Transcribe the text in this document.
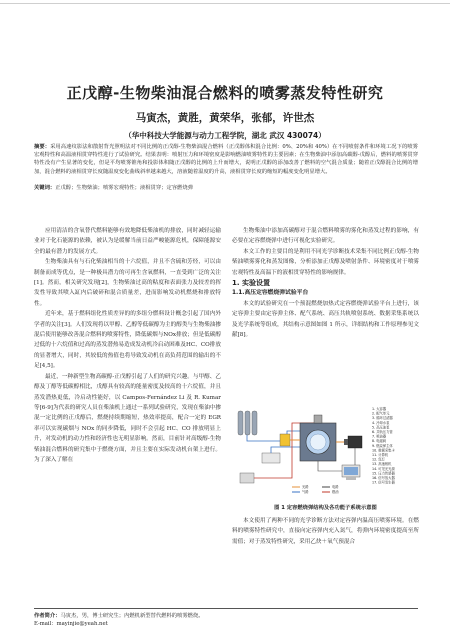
正戊醇-生物柴油混合燃料的喷雾蒸发特性研究
马寅杰，黄胜，黄荣华，张郁，许世杰
（华中科技大学能源与动力工程学院，湖北 武汉 430074）
摘要：采用高速纹影法和散射背光照明法对不同比例的正戊醇-生物柴油混合燃料（正戊醇体积混合比例：0%、20%和 40%）在不同喷射条件和环境工况下的喷雾宏观特性和高温液相贯穿特性进行了试验研究。结果表明：喷射压力和环境密度是影响燃油喷雾特性的主要因素；在生物柴油中添加高碳醇-戊醇后，燃料的喷雾贯穿特性没有产生显著的变化，但是平均喷雾锥角和投影体积随正戊醇的比例的上升而增大，说明正戊醇的添加改善了燃料的空气混合质量；随着正戊醇混合比例的增加，混合燃料的液相贯穿长度随温度变化曲线斜率越来越大，溶液随着温度的升高，液相贯穿长度的缩短的幅度变化明显增大。
关键词：正戊醇；生物柴油；喷雾宏观特性；液相贯穿；定容燃烧弹

应用清洁的含氧替代燃料能够有效地降低柴油机的排放，同时减轻运输业对于化石能源的依赖，被认为是缓解当前日益严峻能源危机，保障能源安全的最有潜力的发展方式。

生物柴油具有与石化柴油相当的十六烷值，并且不含硫和芳烃，可以由制备而成等优点，是一种极具潜力的可再生含氧燃料，一直受到广泛的关注[1]。然而，相关研究发现[2]，生物柴油过高的粘度和表面张力及较差的挥发性导致其喷入缸内后破碎和混合质量差，进而影响发动机燃烧和排放特性。

近年来，基于燃料组化性质差异的的多组分燃料设计概念引起了国内外学者的关注[3]。人们发现将以甲醇、乙醇等低碳醇为主的醇类与生物柴油掺混后使用能够改善混合燃料的喷雾特性，降低碳烟与NOx排放；但是低碳醇过低的十六烷值和过高的蒸发潜热易造成发动机冷启动困难及HC、CO排放的显著增大，同时，其较低的热值也将导致发动机在高负荷范围的输出的不足[4,5]。

最近，一种新型生物高碳醇-正戊醇引起了人们的研究兴趣。与甲醇、乙醇及丁醇等低碳醇相比，戊醇具有较高的能量密度及较高的十六烷值，并且蒸发潜热更低，冷启动性能好，以 Campos-Fernández Li 及 R. Kumar 等[6-9]为代表的研究人员在柴油机上通过一系列试验研究，发现在柴油中掺混一定比例的正戊醇后，燃烧持续期缩短，热效率提高，配合一定的 EGR 率可以实现碳烟与 NOx 的同步降低，同时不会引起 HC、CO 排放明显上升，对发动机的动力性和经济性也无明显影响。然而，目前针对高级醇-生物柴油混合燃料的研究集中于燃烧方面，并且主要在实际发动机台架上进行。为了深入了解在

生物柴油中添加高碳醇对于混合燃料喷雾的雾化和蒸发过程的影响，有必要在定容燃烧弹中进行可视化实验研究。

本文工作的主要目的是利用不同光学诊断技术采集不同比例正戊醇-生物柴油喷雾雾化和蒸发图像，分析添加正戊醇及喷射条件、环境密度对于喷雾宏观特性及高温下的液相贯穿特性的影响规律。

1. 实验设置

1.1.高压定容燃烧弹试验平台

本文的试验研究在一个预混燃烧加热式定容燃烧弹试验平台上进行，该定容弹主要由定容弹主体、配气系统、高压共轨喷射系统、数据采集系统以及光学系统等组成，其结构示意图如图 1 所示，详细结构和工作原理参见文献[8]。

1. 大容器
2. 配气单元
3. 循环过滤器
4. 冷却水泵
5. 高压油泵
6. 共轨压力管
7. 喷油器
8. 电磁阀
9. 燃烧弹主体
10. 数据采集卡
11. 计算机
12. 氙灯
13. 高速相机
14. 可见光光源
15. 压力传感器
16. 信号放大器
17. 信号发生器
光路
气路
电路
燃油
图 1 定容燃烧弹结构及各功能子系统示意图

本文使用了两种不同的光学诊断方法对定容弹内温高压喷雾环境。在燃料的喷雾特性研究中，直接向定容弹内充入氮气，将弹内环境密度提高至所需值；对于蒸发特性研究，采用乙炔＋氧气预混合

作者简介：马寅杰，男，博士研究生；内燃机新型替代燃料的喷雾燃烧。
E-mail：mayinjie@yeah.net
